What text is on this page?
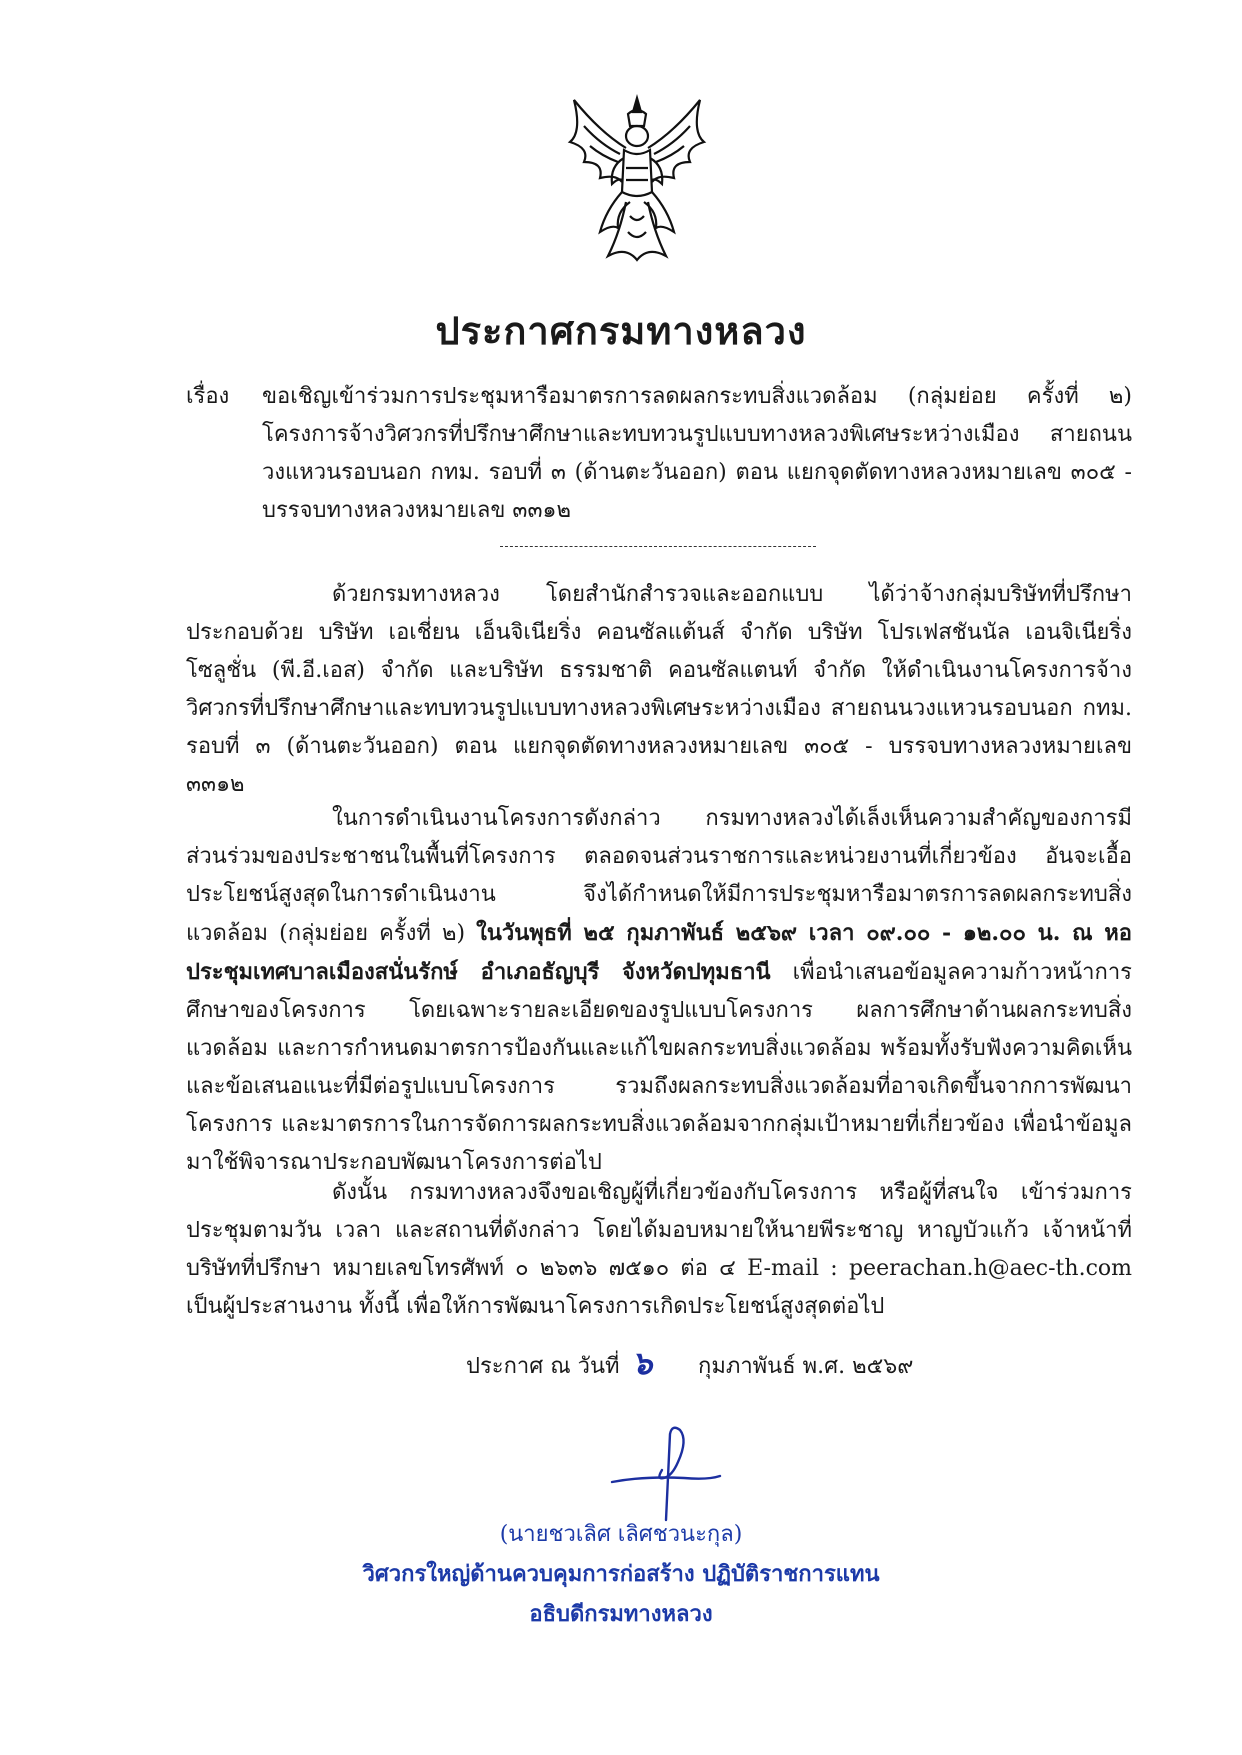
ประกาศกรมทางหลวง
เรื่อง ขอเชิญเข้าร่วมการประชุมหารือมาตรการลดผลกระทบสิ่งแวดล้อม (กลุ่มย่อย ครั้งที่ ๒) โครงการจ้างวิศวกรที่ปรึกษาศึกษาและทบทวนรูปแบบทางหลวงพิเศษระหว่างเมือง สายถนนวงแหวนรอบนอก กทม. รอบที่ ๓ (ด้านตะวันออก) ตอน แยกจุดตัดทางหลวงหมายเลข ๓๐๕ - บรรจบทางหลวงหมายเลข ๓๓๑๒
ด้วยกรมทางหลวง โดยสำนักสำรวจและออกแบบ ได้ว่าจ้างกลุ่มบริษัทที่ปรึกษา ประกอบด้วย บริษัท เอเชี่ยน เอ็นจิเนียริ่ง คอนซัลแต้นส์ จำกัด บริษัท โปรเฟสชันนัล เอนจิเนียริ่ง โซลูชั่น (พี.อี.เอส) จำกัด และบริษัท ธรรมชาติ คอนซัลแตนท์ จำกัด ให้ดำเนินงานโครงการจ้างวิศวกรที่ปรึกษาศึกษาและทบทวนรูปแบบทางหลวงพิเศษระหว่างเมือง สายถนนวงแหวนรอบนอก กทม. รอบที่ ๓ (ด้านตะวันออก) ตอน แยกจุดตัดทางหลวงหมายเลข ๓๐๕ - บรรจบทางหลวงหมายเลข ๓๓๑๒
ในการดำเนินงานโครงการดังกล่าว กรมทางหลวงได้เล็งเห็นความสำคัญของการมีส่วนร่วมของประชาชนในพื้นที่โครงการ ตลอดจนส่วนราชการและหน่วยงานที่เกี่ยวข้อง อันจะเอื้อประโยชน์สูงสุดในการดำเนินงาน จึงได้กำหนดให้มีการประชุมหารือมาตรการลดผลกระทบสิ่งแวดล้อม (กลุ่มย่อย ครั้งที่ ๒) ในวันพุธที่ ๒๕ กุมภาพันธ์ ๒๕๖๙ เวลา ๐๙.๐๐ - ๑๒.๐๐ น. ณ หอประชุมเทศบาลเมืองสนั่นรักษ์ อำเภอธัญบุรี จังหวัดปทุมธานี เพื่อนำเสนอข้อมูลความก้าวหน้าการศึกษาของโครงการ โดยเฉพาะรายละเอียดของรูปแบบโครงการ ผลการศึกษาด้านผลกระทบสิ่งแวดล้อม และการกำหนดมาตรการป้องกันและแก้ไขผลกระทบสิ่งแวดล้อม พร้อมทั้งรับฟังความคิดเห็น และข้อเสนอแนะที่มีต่อรูปแบบโครงการ รวมถึงผลกระทบสิ่งแวดล้อมที่อาจเกิดขึ้นจากการพัฒนาโครงการ และมาตรการในการจัดการผลกระทบสิ่งแวดล้อมจากกลุ่มเป้าหมายที่เกี่ยวข้อง เพื่อนำข้อมูลมาใช้พิจารณาประกอบพัฒนาโครงการต่อไป
ดังนั้น กรมทางหลวงจึงขอเชิญผู้ที่เกี่ยวข้องกับโครงการ หรือผู้ที่สนใจ เข้าร่วมการประชุมตามวัน เวลา และสถานที่ดังกล่าว โดยได้มอบหมายให้นายพีระชาญ หาญบัวแก้ว เจ้าหน้าที่บริษัทที่ปรึกษา หมายเลขโทรศัพท์ ๐ ๒๖๓๖ ๗๕๑๐ ต่อ ๔ E-mail : peerachan.h@aec-th.com เป็นผู้ประสานงาน ทั้งนี้ เพื่อให้การพัฒนาโครงการเกิดประโยชน์สูงสุดต่อไป
ประกาศ ณ วันที่ ๖ กุมภาพันธ์ พ.ศ. ๒๕๖๙
(นายชวเลิศ เลิศชวนะกุล)
วิศวกรใหญ่ด้านควบคุมการก่อสร้าง ปฏิบัติราชการแทน
อธิบดีกรมทางหลวง
